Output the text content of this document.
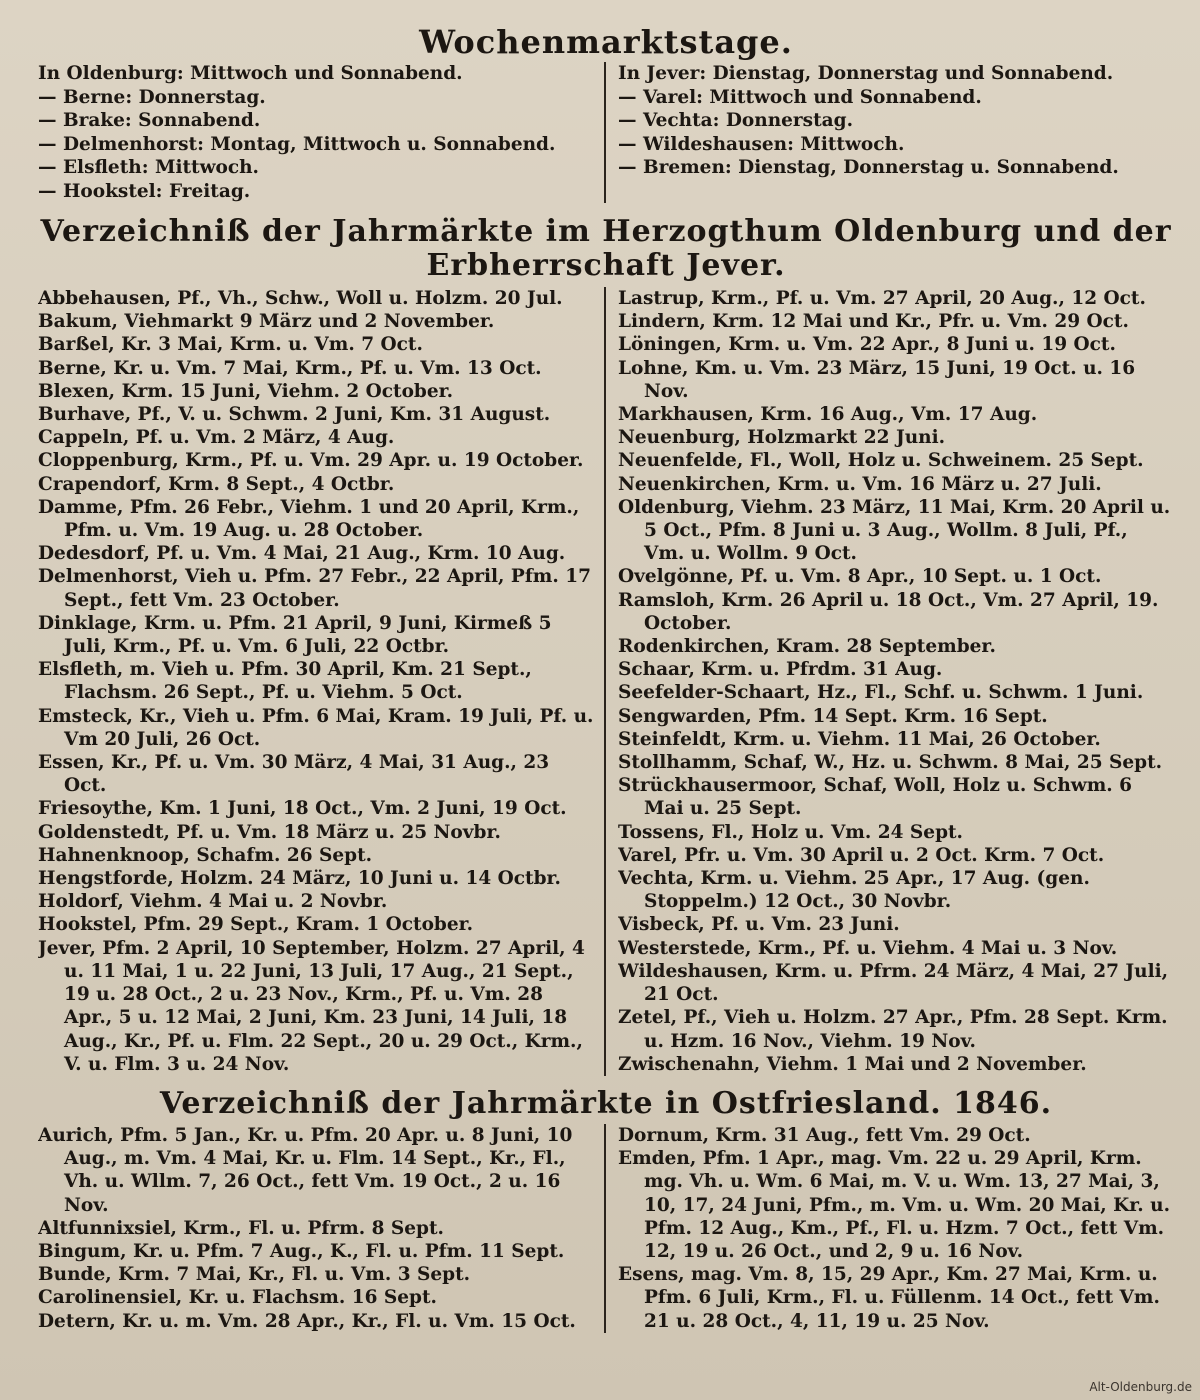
Wochenmarktstage.
In Oldenburg: Mittwoch und Sonnabend.
— Berne: Donnerstag.
— Brake: Sonnabend.
— Delmenhorst: Montag, Mittwoch u. Sonnabend.
— Elsfleth: Mittwoch.
— Hookstel: Freitag.
In Jever: Dienstag, Donnerstag und Sonnabend.
— Varel: Mittwoch und Sonnabend.
— Vechta: Donnerstag.
— Wildeshausen: Mittwoch.
— Bremen: Dienstag, Donnerstag u. Sonnabend.
Verzeichniß der Jahrmärkte im Herzogthum Oldenburg und der Erbherrschaft Jever.
Abbehausen, Pf., Vh., Schw., Woll u. Holzm. 20 Jul.
Bakum, Viehmarkt 9 März und 2 November.
Barßel, Kr. 3 Mai, Krm. u. Vm. 7 Oct.
Berne, Kr. u. Vm. 7 Mai, Krm., Pf. u. Vm. 13 Oct.
Blexen, Krm. 15 Juni, Viehm. 2 October.
Burhave, Pf., V. u. Schwm. 2 Juni, Km. 31 August.
Cappeln, Pf. u. Vm. 2 März, 4 Aug.
Cloppenburg, Krm., Pf. u. Vm. 29 Apr. u. 19 October.
Crapendorf, Krm. 8 Sept., 4 Octbr.
Damme, Pfm. 26 Febr., Viehm. 1 und 20 April, Krm., Pfm. u. Vm. 19 Aug. u. 28 October.
Dedesdorf, Pf. u. Vm. 4 Mai, 21 Aug., Krm. 10 Aug.
Delmenhorst, Vieh u. Pfm. 27 Febr., 22 April, Pfm. 17 Sept., fett Vm. 23 October.
Dinklage, Krm. u. Pfm. 21 April, 9 Juni, Kirmeß 5 Juli, Krm., Pf. u. Vm. 6 Juli, 22 Octbr.
Elsfleth, m. Vieh u. Pfm. 30 April, Km. 21 Sept., Flachsm. 26 Sept., Pf. u. Viehm. 5 Oct.
Emsteck, Kr., Vieh u. Pfm. 6 Mai, Kram. 19 Juli, Pf. u. Vm 20 Juli, 26 Oct.
Essen, Kr., Pf. u. Vm. 30 März, 4 Mai, 31 Aug., 23 Oct.
Friesoythe, Km. 1 Juni, 18 Oct., Vm. 2 Juni, 19 Oct.
Goldenstedt, Pf. u. Vm. 18 März u. 25 Novbr.
Hahnenknoop, Schafm. 26 Sept.
Hengstforde, Holzm. 24 März, 10 Juni u. 14 Octbr.
Holdorf, Viehm. 4 Mai u. 2 Novbr.
Hookstel, Pfm. 29 Sept., Kram. 1 October.
Jever, Pfm. 2 April, 10 September, Holzm. 27 April, 4 u. 11 Mai, 1 u. 22 Juni, 13 Juli, 17 Aug., 21 Sept., 19 u. 28 Oct., 2 u. 23 Nov., Krm., Pf. u. Vm. 28 Apr., 5 u. 12 Mai, 2 Juni, Km. 23 Juni, 14 Juli, 18 Aug., Kr., Pf. u. Flm. 22 Sept., 20 u. 29 Oct., Krm., V. u. Flm. 3 u. 24 Nov.
Lastrup, Krm., Pf. u. Vm. 27 April, 20 Aug., 12 Oct.
Lindern, Krm. 12 Mai und Kr., Pfr. u. Vm. 29 Oct.
Löningen, Krm. u. Vm. 22 Apr., 8 Juni u. 19 Oct.
Lohne, Km. u. Vm. 23 März, 15 Juni, 19 Oct. u. 16 Nov.
Markhausen, Krm. 16 Aug., Vm. 17 Aug.
Neuenburg, Holzmarkt 22 Juni.
Neuenfelde, Fl., Woll, Holz u. Schweinem. 25 Sept.
Neuenkirchen, Krm. u. Vm. 16 März u. 27 Juli.
Oldenburg, Viehm. 23 März, 11 Mai, Krm. 20 April u. 5 Oct., Pfm. 8 Juni u. 3 Aug., Wollm. 8 Juli, Pf., Vm. u. Wollm. 9 Oct.
Ovelgönne, Pf. u. Vm. 8 Apr., 10 Sept. u. 1 Oct.
Ramsloh, Krm. 26 April u. 18 Oct., Vm. 27 April, 19. October.
Rodenkirchen, Kram. 28 September.
Schaar, Krm. u. Pfrdm. 31 Aug.
Seefelder-Schaart, Hz., Fl., Schf. u. Schwm. 1 Juni.
Sengwarden, Pfm. 14 Sept. Krm. 16 Sept.
Steinfeldt, Krm. u. Viehm. 11 Mai, 26 October.
Stollhamm, Schaf, W., Hz. u. Schwm. 8 Mai, 25 Sept.
Strückhausermoor, Schaf, Woll, Holz u. Schwm. 6 Mai u. 25 Sept.
Tossens, Fl., Holz u. Vm. 24 Sept.
Varel, Pfr. u. Vm. 30 April u. 2 Oct. Krm. 7 Oct.
Vechta, Krm. u. Viehm. 25 Apr., 17 Aug. (gen. Stoppelm.) 12 Oct., 30 Novbr.
Visbeck, Pf. u. Vm. 23 Juni.
Westerstede, Krm., Pf. u. Viehm. 4 Mai u. 3 Nov.
Wildeshausen, Krm. u. Pfrm. 24 März, 4 Mai, 27 Juli, 21 Oct.
Zetel, Pf., Vieh u. Holzm. 27 Apr., Pfm. 28 Sept. Krm. u. Hzm. 16 Nov., Viehm. 19 Nov.
Zwischenahn, Viehm. 1 Mai und 2 November.
Verzeichniß der Jahrmärkte in Ostfriesland. 1846.
Aurich, Pfm. 5 Jan., Kr. u. Pfm. 20 Apr. u. 8 Juni, 10 Aug., m. Vm. 4 Mai, Kr. u. Flm. 14 Sept., Kr., Fl., Vh. u. Wllm. 7, 26 Oct., fett Vm. 19 Oct., 2 u. 16 Nov.
Altfunnixsiel, Krm., Fl. u. Pfrm. 8 Sept.
Bingum, Kr. u. Pfm. 7 Aug., K., Fl. u. Pfm. 11 Sept.
Bunde, Krm. 7 Mai, Kr., Fl. u. Vm. 3 Sept.
Carolinensiel, Kr. u. Flachsm. 16 Sept.
Detern, Kr. u. m. Vm. 28 Apr., Kr., Fl. u. Vm. 15 Oct.
Dornum, Krm. 31 Aug., fett Vm. 29 Oct.
Emden, Pfm. 1 Apr., mag. Vm. 22 u. 29 April, Krm. mg. Vh. u. Wm. 6 Mai, m. V. u. Wm. 13, 27 Mai, 3, 10, 17, 24 Juni, Pfm., m. Vm. u. Wm. 20 Mai, Kr. u. Pfm. 12 Aug., Km., Pf., Fl. u. Hzm. 7 Oct., fett Vm. 12, 19 u. 26 Oct., und 2, 9 u. 16 Nov.
Esens, mag. Vm. 8, 15, 29 Apr., Km. 27 Mai, Krm. u. Pfm. 6 Juli, Krm., Fl. u. Füllenm. 14 Oct., fett Vm. 21 u. 28 Oct., 4, 11, 19 u. 25 Nov.
Alt-Oldenburg.de
